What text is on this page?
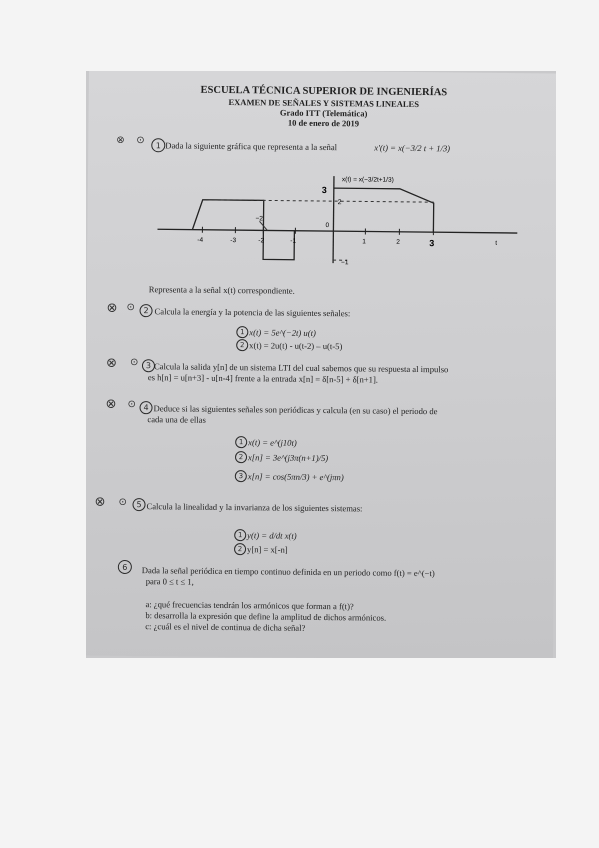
ESCUELA TÉCNICA SUPERIOR DE INGENIERÍAS
EXAMEN DE SEÑALES Y SISTEMAS LINEALES
Grado ITT (Telemática)
10 de enero de 2019
⊗ ⊙ 1 Dada la siguiente gráfica que representa a la señal	x'(t) = x(−3/2 t + 1/3)
x(t) = x(−3/2t+1/3)
3
2
−2
−1
-4	-3	-2	-1
0
1	2	3	t
Representa a la señal x(t) correspondiente.
⊗ ⊙ 2 Calcula la energía y la potencia de las siguientes señales:
1 x(t) = 5e^(−2t) u(t)
2 x(t) = 2u(t) - u(t-2) – u(t-5)
⊗ ⊙ 3 Calcula la salida y[n] de un sistema LTI del cual sabemos que su respuesta al impulso
es h[n] = u[n+3] - u[n-4] frente a la entrada x[n] = δ[n-5] + δ[n+1].
⊗ ⊙ 4 Deduce si las siguientes señales son periódicas y calcula (en su caso) el periodo de
cada una de ellas
1 x(t) = e^(j10t)
2 x[n] = 3e^(j3π(n+1)/5)
3 x[n] = cos(5πn/3) + e^(jπn)
⊗ ⊙ 5 Calcula la linealidad y la invarianza de los siguientes sistemas:
1 y(t) = d/dt x(t)
2 y[n] = x[-n]
6 Dada la señal periódica en tiempo continuo definida en un periodo como f(t) = e^(−t)
para 0 ≤ t ≤ 1,
a: ¿qué frecuencias tendrán los armónicos que forman a f(t)?
b: desarrolla la expresión que define la amplitud de dichos armónicos.
c: ¿cuál es el nivel de continua de dicha señal?
